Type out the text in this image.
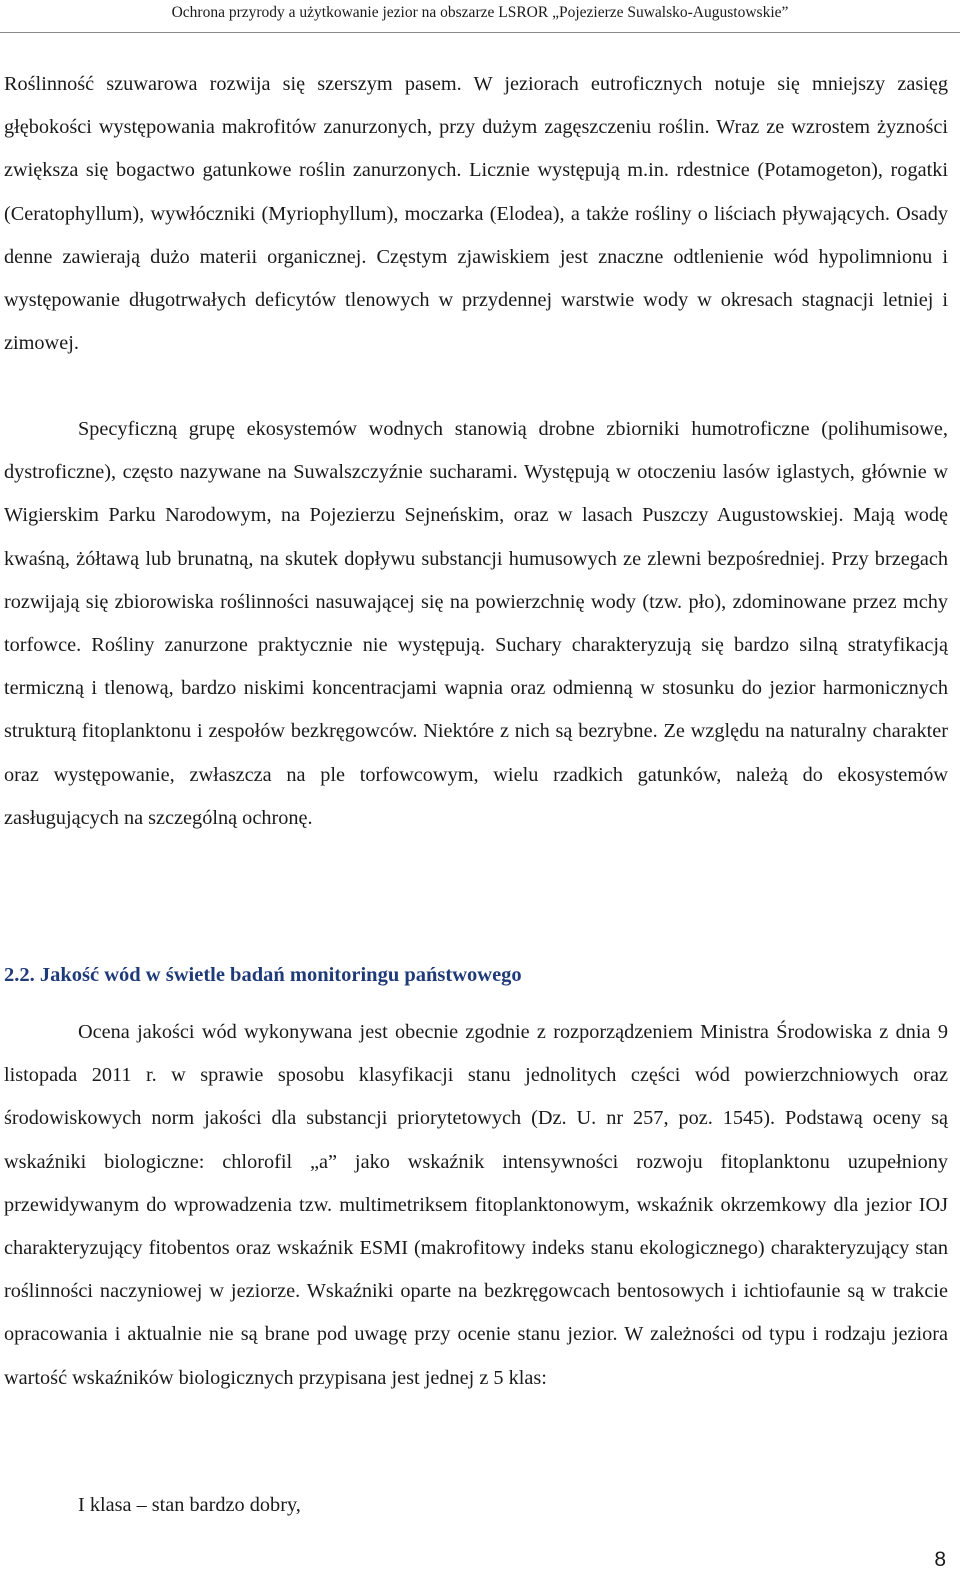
Ochrona przyrody a użytkowanie jezior na obszarze LSROR „Pojezierze Suwalsko-Augustowskie”

Roślinność szuwarowa rozwija się szerszym pasem. W jeziorach eutroficznych notuje się mniejszy zasięg głębokości występowania makrofitów zanurzonych, przy dużym zagęszczeniu roślin. Wraz ze wzrostem żyzności zwiększa się bogactwo gatunkowe roślin zanurzonych. Licznie występują m.in. rdestnice (Potamogeton), rogatki (Ceratophyllum), wywłóczniki (Myriophyllum), moczarka (Elodea), a także rośliny o liściach pływających. Osady denne zawierają dużo materii organicznej. Częstym zjawiskiem jest znaczne odtlenienie wód hypolimnionu i występowanie długotrwałych deficytów tlenowych w przydennej warstwie wody w okresach stagnacji letniej i zimowej.

Specyficzną grupę ekosystemów wodnych stanowią drobne zbiorniki humotroficzne (polihumisowe, dystroficzne), często nazywane na Suwalszczyźnie sucharami. Występują w otoczeniu lasów iglastych, głównie w Wigierskim Parku Narodowym, na Pojezierzu Sejneńskim, oraz w lasach Puszczy Augustowskiej. Mają wodę kwaśną, żółtawą lub brunatną, na skutek dopływu substancji humusowych ze zlewni bezpośredniej. Przy brzegach rozwijają się zbiorowiska roślinności nasuwającej się na powierzchnię wody (tzw. pło), zdominowane przez mchy torfowce. Rośliny zanurzone praktycznie nie występują. Suchary charakteryzują się bardzo silną stratyfikacją termiczną i tlenową, bardzo niskimi koncentracjami wapnia oraz odmienną w stosunku do jezior harmonicznych strukturą fitoplanktonu i zespołów bezkręgowców. Niektóre z nich są bezrybne. Ze względu na naturalny charakter oraz występowanie, zwłaszcza na ple torfowcowym, wielu rzadkich gatunków, należą do ekosystemów zasługujących na szczególną ochronę.

2.2. Jakość wód w świetle badań monitoringu państwowego

Ocena jakości wód wykonywana jest obecnie zgodnie z rozporządzeniem Ministra Środowiska z dnia 9 listopada 2011 r. w sprawie sposobu klasyfikacji stanu jednolitych części wód powierzchniowych oraz środowiskowych norm jakości dla substancji priorytetowych (Dz. U. nr 257, poz. 1545). Podstawą oceny są wskaźniki biologiczne: chlorofil „a” jako wskaźnik intensywności rozwoju fitoplanktonu uzupełniony przewidywanym do wprowadzenia tzw. multimetriksem fitoplanktonowym, wskaźnik okrzemkowy dla jezior IOJ charakteryzujący fitobentos oraz wskaźnik ESMI (makrofitowy indeks stanu ekologicznego) charakteryzujący stan roślinności naczyniowej w jeziorze. Wskaźniki oparte na bezkręgowcach bentosowych i ichtiofaunie są w trakcie opracowania i aktualnie nie są brane pod uwagę przy ocenie stanu jezior. W zależności od typu i rodzaju jeziora wartość wskaźników biologicznych przypisana jest jednej z 5 klas:

I klasa – stan bardzo dobry,
8
